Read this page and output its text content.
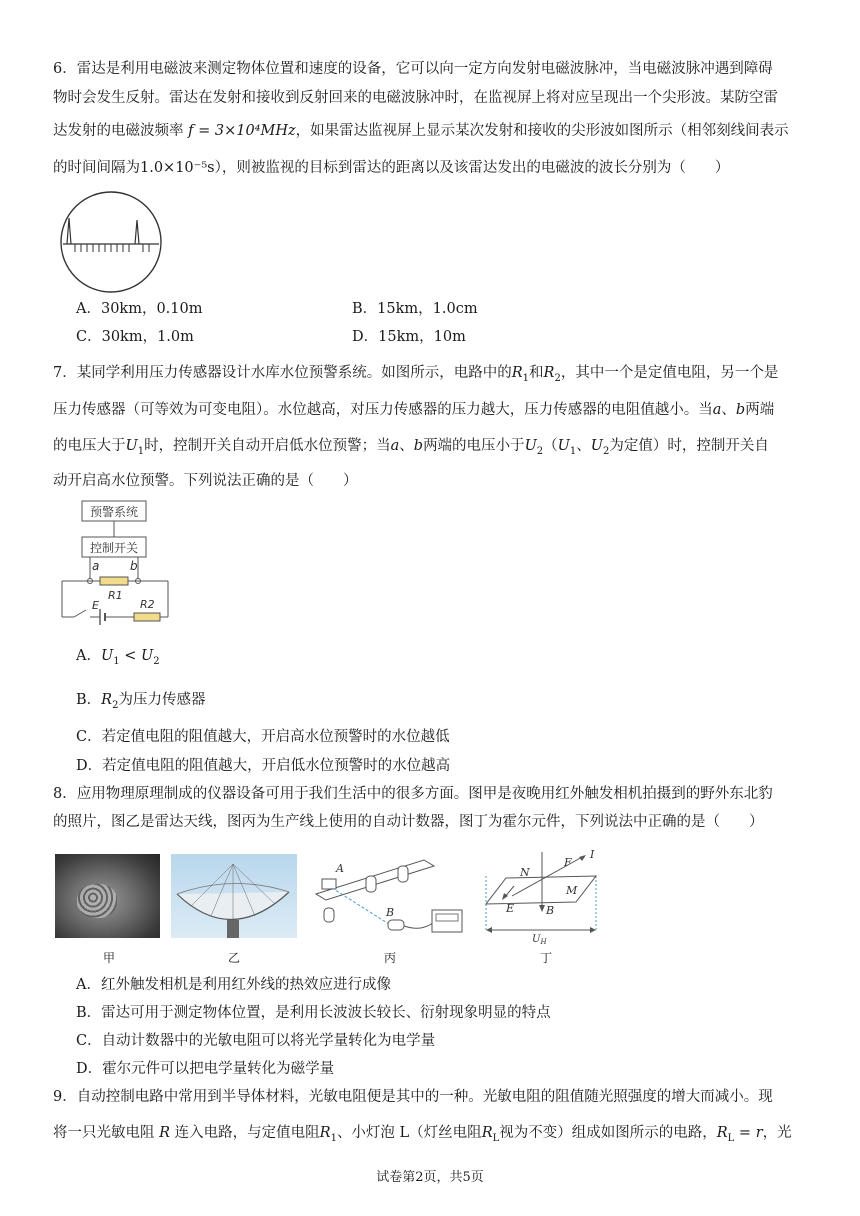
6．雷达是利用电磁波来测定物体位置和速度的设备，它可以向一定方向发射电磁波脉冲，当电磁波脉冲遇到障碍
物时会发生反射。雷达在发射和接收到反射回来的电磁波脉冲时，在监视屏上将对应呈现出一个尖形波。某防空雷
达发射的电磁波频率 f = 3×10⁴MHz，如果雷达监视屏上显示某次发射和接收的尖形波如图所示（相邻刻线间表示
的时间间隔为1.0×10⁻⁵s），则被监视的目标到雷达的距离以及该雷达发出的电磁波的波长分别为（　　）
A．30km，0.10m	B．15km，1.0cm
C．30km，1.0m	D．15km，10m
7．某同学利用压力传感器设计水库水位预警系统。如图所示，电路中的$R_1$和$R_2$，其中一个是定值电阻，另一个是
压力传感器（可等效为可变电阻）。水位越高，对压力传感器的压力越大，压力传感器的电阻值越小。当a、b两端
的电压大于$U_1$时，控制开关自动开启低水位预警；当a、b两端的电压小于$U_2(U_1$、$U_2$为定值）时，控制开关自
动开启高水位预警。下列说法正确的是（　　）
预警系统
控制开关
a	b
R1
E	R2
A．$U_1 < U_2$
B．$R_2$为压力传感器
C．若定值电阻的阻值越大，开启高水位预警时的水位越低
D．若定值电阻的阻值越大，开启低水位预警时的水位越高
8．应用物理原理制成的仪器设备可用于我们生活中的很多方面。图甲是夜晚用红外触发相机拍摄到的野外东北豹
的照片，图乙是雷达天线，图丙为生产线上使用的自动计数器，图丁为霍尔元件，下列说法中正确的是（　　）
A
B
N
F
I
M
E	B
$U_H$
甲	乙	丙	丁
A．红外触发相机是利用红外线的热效应进行成像
B．雷达可用于测定物体位置，是利用长波波长较长、衍射现象明显的特点
C．自动计数器中的光敏电阻可以将光学量转化为电学量
D．霍尔元件可以把电学量转化为磁学量
9．自动控制电路中常用到半导体材料，光敏电阻便是其中的一种。光敏电阻的阻值随光照强度的增大而减小。现
将一只光敏电阻 R 连入电路，与定值电阻$R_1$、小灯泡 L（灯丝电阻$R_L$视为不变）组成如图所示的电路，$R_L = r$，光
试卷第2页，共5页
